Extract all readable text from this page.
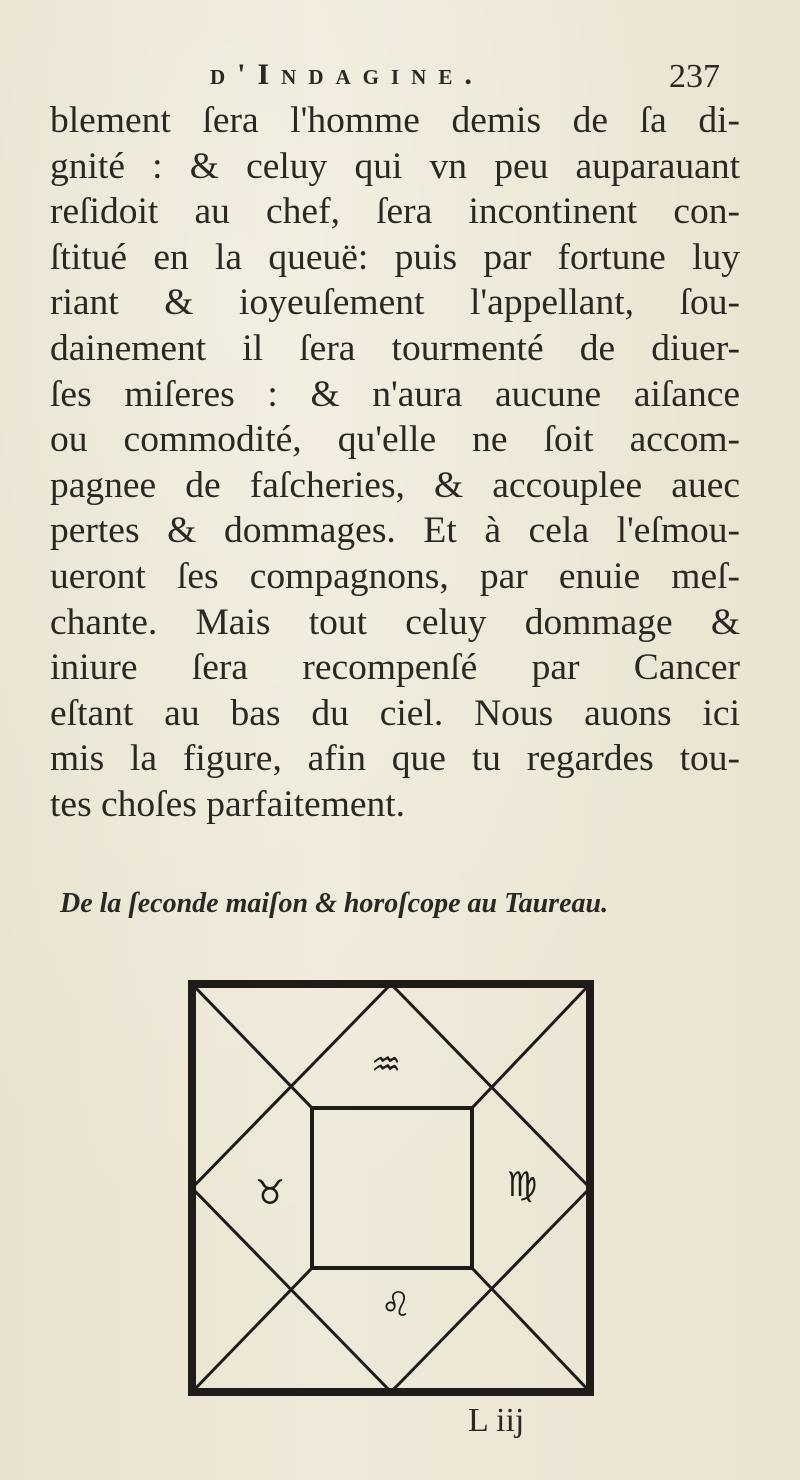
d'Indagine.	237
blement ſera l'homme demis de ſa di-
gnité : & celuy qui vn peu auparauant
reſidoit au chef, ſera incontinent con-
ſtitué en la queuë: puis par fortune luy
riant & ioyeuſement l'appellant, ſou-
dainement il ſera tourmenté de diuer-
ſes miſeres : & n'aura aucune aiſance
ou commodité, qu'elle ne ſoit accom-
pagnee de faſcheries, & accouplee auec
pertes & dommages. Et à cela l'eſmou-
ueront ſes compagnons, par enuie meſ-
chante. Mais tout celuy dommage &
iniure ſera recompenſé par Cancer
eſtant au bas du ciel. Nous auons ici
mis la figure, afin que tu regardes tou-
tes choſes parfaitement.
De la ſeconde maiſon & horoſcope au Taureau.
♒
♉	♍
♌
L iij
